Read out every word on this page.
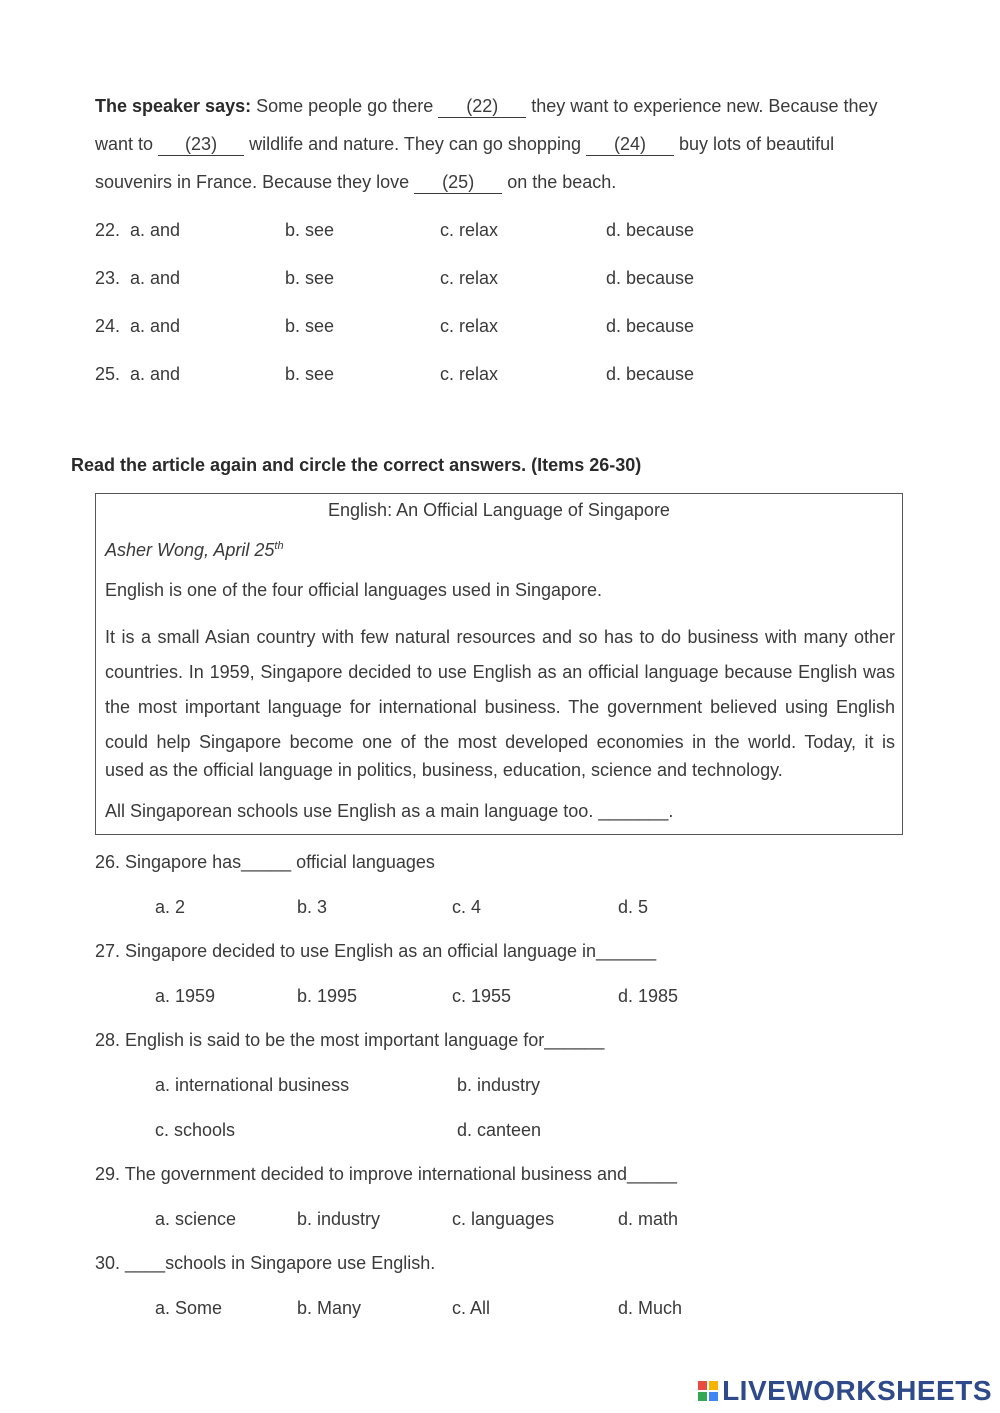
The speaker says: Some people go there (22) they want to experience new. Because they want to (23) wildlife and nature. They can go shopping (24) buy lots of beautiful souvenirs in France. Because they love (25) on the beach.
22. a. and	b. see	c. relax	d. because
23. a. and	b. see	c. relax	d. because
24. a. and	b. see	c. relax	d. because
25. a. and	b. see	c. relax	d. because
Read the article again and circle the correct answers. (Items 26-30)
English: An Official Language of Singapore
Asher Wong, April 25th
English is one of the four official languages used in Singapore.
It is a small Asian country with few natural resources and so has to do business with many other
countries. In 1959, Singapore decided to use English as an official language because English was
the most important language for international business. The government believed using English
could help Singapore become one of the most developed economies in the world. Today, it is
used as the official language in politics, business, education, science and technology.
All Singaporean schools use English as a main language too. _______.
26. Singapore has_____ official languages
a. 2	b. 3	c. 4	d. 5
27. Singapore decided to use English as an official language in______
a. 1959	b. 1995	c. 1955	d. 1985
28. English is said to be the most important language for______
a. international business	b. industry
c. schools	d. canteen
29. The government decided to improve international business and_____
a. science	b. industry	c. languages	d. math
30. ____schools in Singapore use English.
a. Some	b. Many	c. All	d. Much
LIVEWORKSHEETS
